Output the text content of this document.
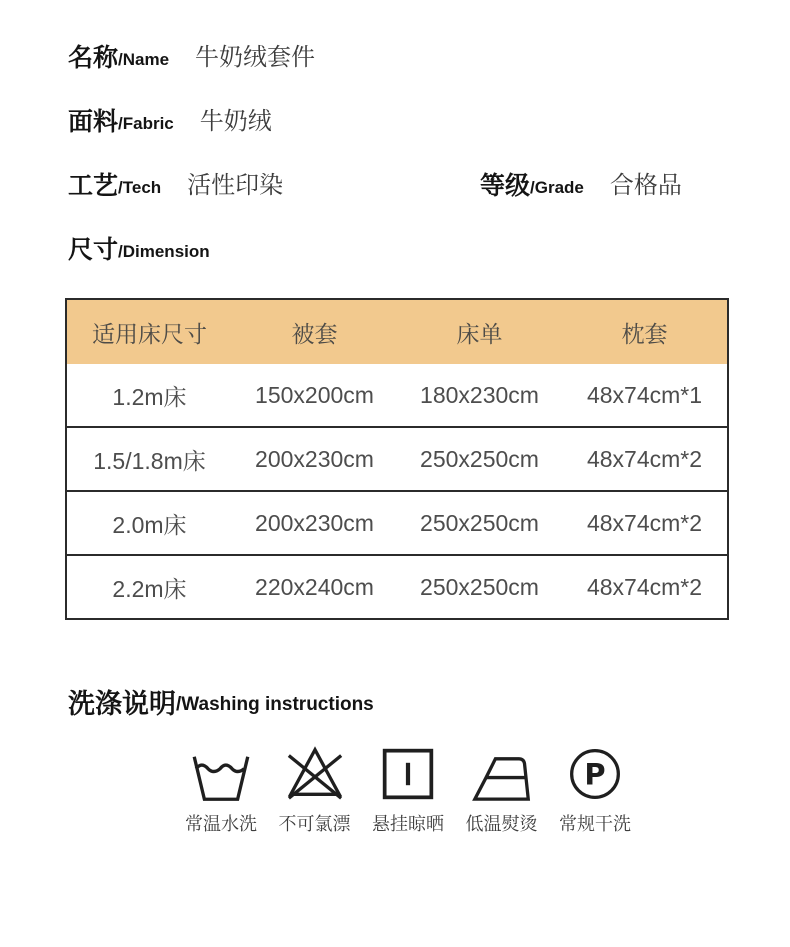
名称 /Name 牛奶绒套件
面料 /Fabric 牛奶绒
工艺 /Tech 活性印染	等级 /Grade 合格品
尺寸 /Dimension
适用床尺寸	被套	床单	枕套
1.2m床	150x200cm	180x230cm	48x74cm*1
1.5/1.8m床	200x230cm	250x250cm	48x74cm*2
2.0m床	200x230cm	250x250cm	48x74cm*2
2.2m床	220x240cm	250x250cm	48x74cm*2
洗涤说明 /Washing instructions
常温水洗 不可氯漂 悬挂晾晒 低温熨烫
P
常规干洗
